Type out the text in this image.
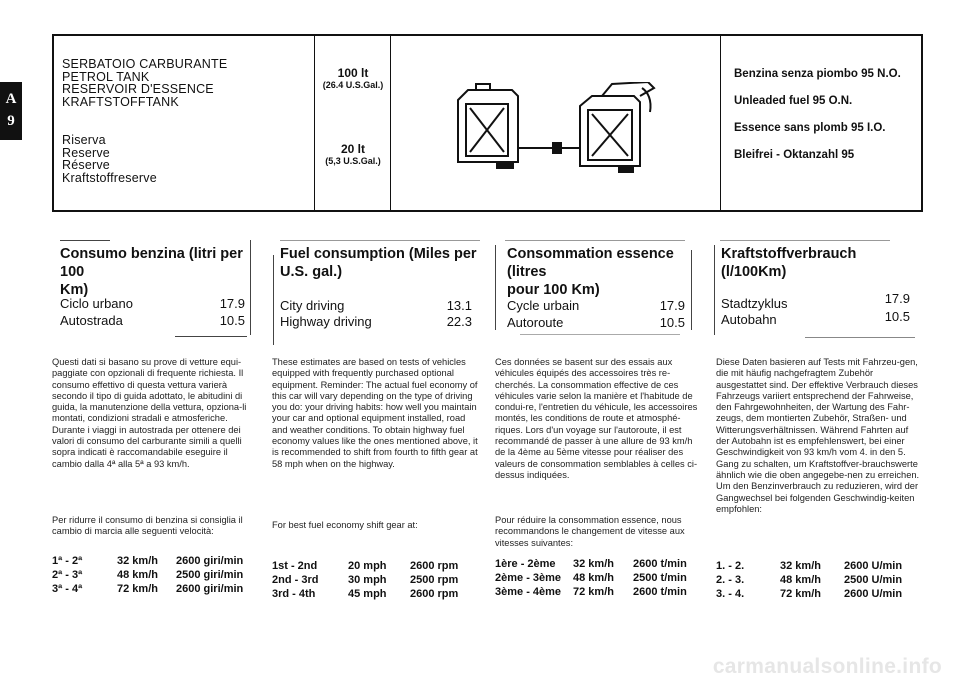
A
9
SERBATOIO CARBURANTE
PETROL TANK
RESERVOIR D'ESSENCE
KRAFTSTOFFTANK
Riserva
Reserve
Réserve
Kraftstoffreserve
100 lt
(26.4 U.S.Gal.)
20 lt
(5,3 U.S.Gal.)
Benzina senza piombo 95 N.O.
Unleaded fuel 95 O.N.
Essence sans plomb 95 I.O.
Bleifrei - Oktanzahl 95
Consumo benzina (litri per 100
Km)
Ciclo urbano	17.9
Autostrada	10.5
Fuel consumption (Miles per
U.S. gal.)
City driving	13.1
Highway driving	22.3
Consommation essence (litres
pour 100 Km)
Cycle urbain	17.9
Autoroute	10.5
Kraftstoffverbrauch (l/100Km)
Stadtzyklus	17.9
Autobahn	10.5
Questi dati si basano su prove di vetture equi-paggiate con opzionali di frequente richiesta. Il consumo effettivo di questa vettura varierà secondo il tipo di guida adottato, le abitudini di guida, la manutenzione della vettura, opziona-li montati, condizioni stradali e atmosferiche. Durante i viaggi in autostrada per ottenere dei valori di consumo del carburante simili a quelli sopra indicati è raccomandabile eseguire il cambio dalla 4ª alla 5ª a 93 km/h.
These estimates are based on tests of vehicles equipped with frequently purchased optional equipment. Reminder: The actual fuel economy of this car will vary depending on the type of driving you do: your driving habits: how well you maintain your car and optional equipment installed, road and weather conditions. To obtain highway fuel economy values like the ones mentioned above, it is recommended to shift from fourth to fifth gear at 58 mph when on the highway.
Ces données se basent sur des essais aux véhicules équipés des accessoires très re-cherchés. La consommation effective de ces véhicules varie selon la manière et l'habitude de condui-re, l'entretien du véhicule, les accessoires montés, les conditions de route et atmosphé-riques. Lors d'un voyage sur l'autoroute, il est recommandé de passer à une allure de 93 km/h de la 4ème au 5ème vitesse pour réaliser des valeurs de consommation semblables à celles ci-dessus indiquées.
Diese Daten basieren auf Tests mit Fahrzeu-gen, die mit häufig nachgefragtem Zubehör ausgestattet sind. Der effektive Verbrauch dieses Fahrzeugs variiert entsprechend der Fahrweise, den Fahrgewohnheiten, der Wartung des Fahr-zeugs, dem montierten Zubehör, Straßen- und Witterungsverhältnissen. Während Fahrten auf der Autobahn ist es empfehlenswert, bei einer Geschwindigkeit von 93 km/h vom 4. in den 5. Gang zu schalten, um Kraftstoffver-brauchswerte ähnlich wie die oben angegebe-nen zu erreichen. Um den Benzinverbrauch zu reduzieren, wird der Gangwechsel bei folgenden Geschwindig-keiten empfohlen:
Per ridurre il consumo di benzina si consiglia il cambio di marcia alle seguenti velocità:
For best fuel economy shift gear at:	Pour réduire la consommation essence, nous recommandons le changement de vitesse aux vitesses suivantes:
1ª - 2ª	32 km/h 2600 giri/min
2ª - 3ª	48 km/h 2500 giri/min
3ª - 4ª	72 km/h 2600 giri/min
1st - 2nd	20 mph 2600 rpm
2nd - 3rd	30 mph 2500 rpm
3rd - 4th	45 mph 2600 rpm
1ère - 2ème 32 km/h 2600 t/min
2ème - 3ème 48 km/h 2500 t/min
3ème - 4ème 72 km/h 2600 t/min
1. - 2.	32 km/h 2600 U/min
2. - 3.	48 km/h 2500 U/min
3. - 4.	72 km/h 2600 U/min
carmanualsonline.info
